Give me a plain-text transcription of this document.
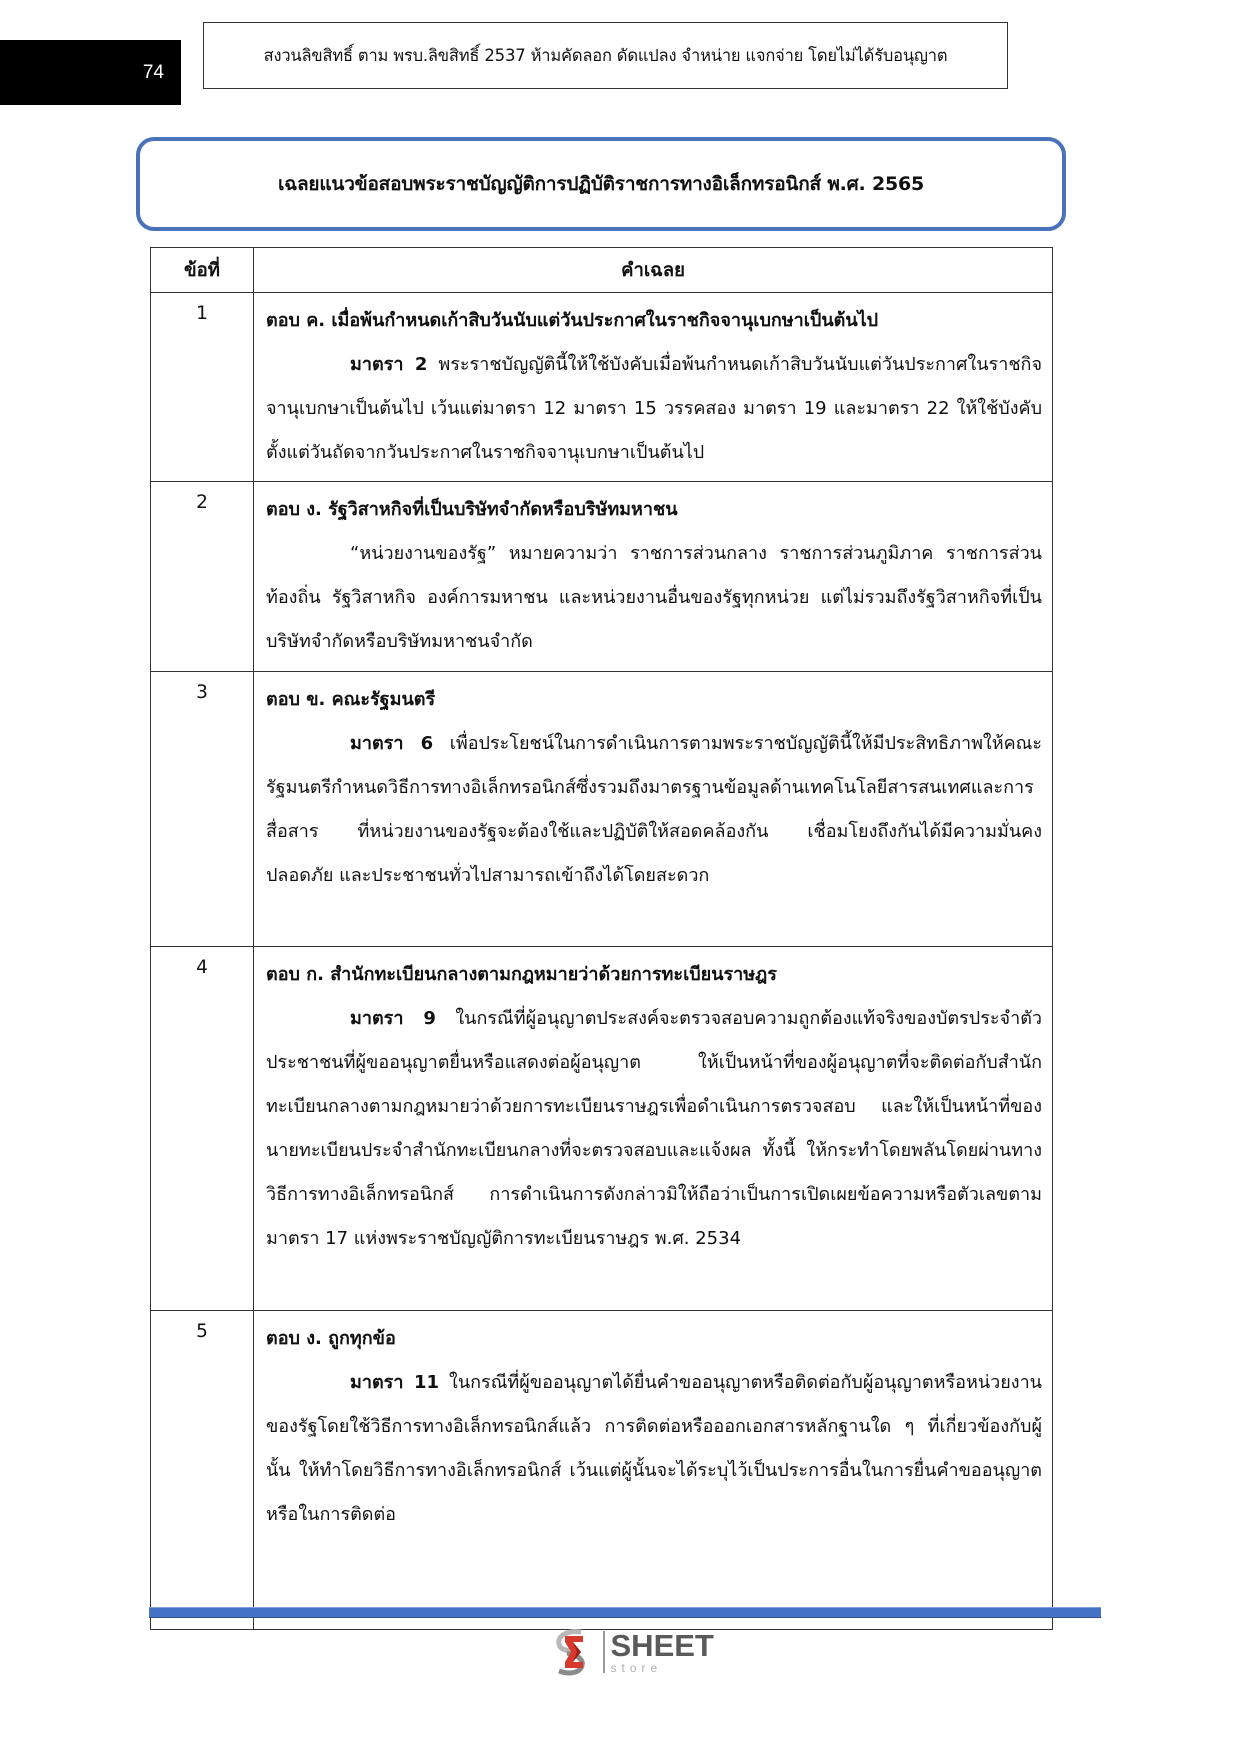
74
สงวนลิขสิทธิ์ ตาม พรบ.ลิขสิทธิ์ 2537 ห้ามคัดลอก ดัดแปลง จำหน่าย แจกจ่าย โดยไม่ได้รับอนุญาต
เฉลยแนวข้อสอบพระราชบัญญัติการปฏิบัติราชการทางอิเล็กทรอนิกส์ พ.ศ. 2565
ข้อที่	คำเฉลย
1	ตอบ ค. เมื่อพ้นกำหนดเก้าสิบวันนับแต่วันประกาศในราชกิจจานุเบกษาเป็นต้นไป
มาตรา 2 พระราชบัญญัตินี้ให้ใช้บังคับเมื่อพ้นกำหนดเก้าสิบวันนับแต่วันประกาศในราชกิจจานุเบกษาเป็นต้นไป เว้นแต่มาตรา 12 มาตรา 15 วรรคสอง มาตรา 19 และมาตรา 22 ให้ใช้บังคับตั้งแต่วันถัดจากวันประกาศในราชกิจจานุเบกษาเป็นต้นไป

2	ตอบ ง. รัฐวิสาหกิจที่เป็นบริษัทจำกัดหรือบริษัทมหาชน
“หน่วยงานของรัฐ” หมายความว่า ราชการส่วนกลาง ราชการส่วนภูมิภาค ราชการส่วนท้องถิ่น รัฐวิสาหกิจ องค์การมหาชน และหน่วยงานอื่นของรัฐทุกหน่วย แต่ไม่รวมถึงรัฐวิสาหกิจที่เป็นบริษัทจำกัดหรือบริษัทมหาชนจำกัด

3	ตอบ ข. คณะรัฐมนตรี
มาตรา 6 เพื่อประโยชน์ในการดำเนินการตามพระราชบัญญัตินี้ให้มีประสิทธิภาพให้คณะรัฐมนตรีกำหนดวิธีการทางอิเล็กทรอนิกส์ซึ่งรวมถึงมาตรฐานข้อมูลด้านเทคโนโลยีสารสนเทศและการสื่อสาร ที่หน่วยงานของรัฐจะต้องใช้และปฏิบัติให้สอดคล้องกัน เชื่อมโยงถึงกันได้มีความมั่นคงปลอดภัย และประชาชนทั่วไปสามารถเข้าถึงได้โดยสะดวก

4	ตอบ ก. สำนักทะเบียนกลางตามกฎหมายว่าด้วยการทะเบียนราษฎร
มาตรา 9 ในกรณีที่ผู้อนุญาตประสงค์จะตรวจสอบความถูกต้องแท้จริงของบัตรประจำตัวประชาชนที่ผู้ขออนุญาตยื่นหรือแสดงต่อผู้อนุญาต ให้เป็นหน้าที่ของผู้อนุญาตที่จะติดต่อกับสำนักทะเบียนกลางตามกฎหมายว่าด้วยการทะเบียนราษฎรเพื่อดำเนินการตรวจสอบ และให้เป็นหน้าที่ของนายทะเบียนประจำสำนักทะเบียนกลางที่จะตรวจสอบและแจ้งผล ทั้งนี้ ให้กระทำโดยพลันโดยผ่านทางวิธีการทางอิเล็กทรอนิกส์ การดำเนินการดังกล่าวมิให้ถือว่าเป็นการเปิดเผยข้อความหรือตัวเลขตามมาตรา 17 แห่งพระราชบัญญัติการทะเบียนราษฎร พ.ศ. 2534

5	ตอบ ง. ถูกทุกข้อ
มาตรา 11 ในกรณีที่ผู้ขออนุญาตได้ยื่นคำขออนุญาตหรือติดต่อกับผู้อนุญาตหรือหน่วยงานของรัฐโดยใช้วิธีการทางอิเล็กทรอนิกส์แล้ว การติดต่อหรือออกเอกสารหลักฐานใด ๆ ที่เกี่ยวข้องกับผู้นั้น ให้ทำโดยวิธีการทางอิเล็กทรอนิกส์ เว้นแต่ผู้นั้นจะได้ระบุไว้เป็นประการอื่นในการยื่นคำขออนุญาตหรือในการติดต่อ
SHEET
store
